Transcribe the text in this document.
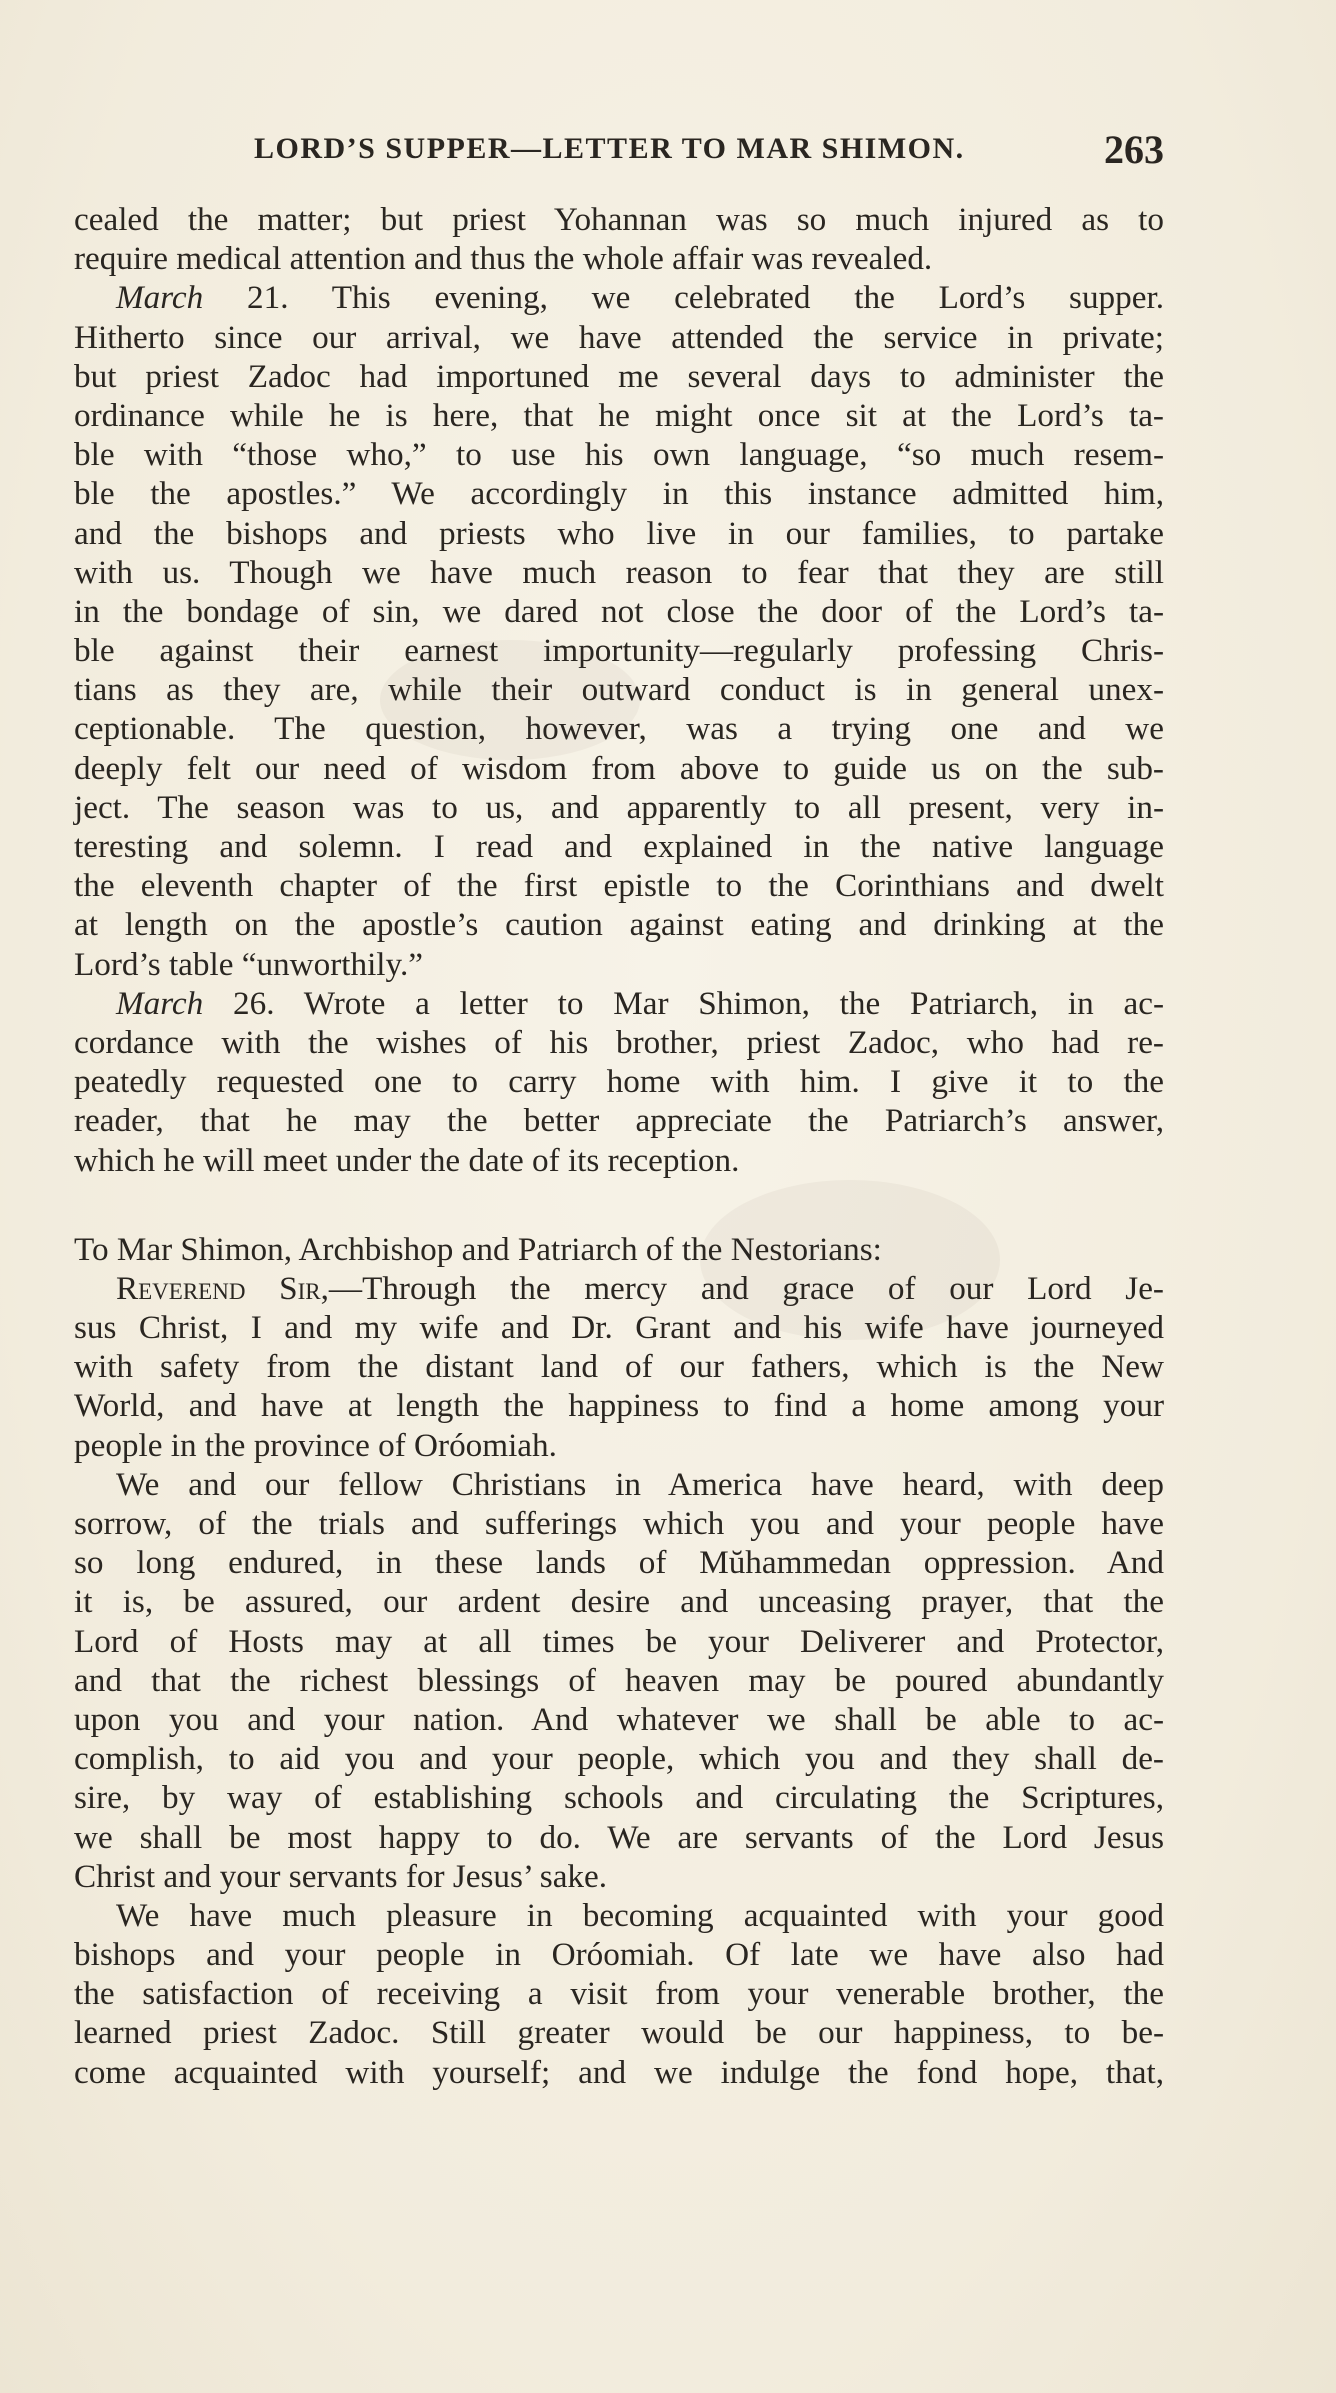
LORD’S SUPPER—LETTER TO MAR SHIMON.	263
cealed the matter; but priest Yohannan was so much injured as to
require medical attention and thus the whole affair was revealed.
March 21. This evening, we celebrated the Lord’s supper.
Hitherto since our arrival, we have attended the service in private;
but priest Zadoc had importuned me several days to administer the
ordinance while he is here, that he might once sit at the Lord’s ta-
ble with “those who,” to use his own language, “so much resem-
ble the apostles.” We accordingly in this instance admitted him,
and the bishops and priests who live in our families, to partake
with us. Though we have much reason to fear that they are still
in the bondage of sin, we dared not close the door of the Lord’s ta-
ble against their earnest importunity—regularly professing Chris-
tians as they are, while their outward conduct is in general unex-
ceptionable. The question, however, was a trying one and we
deeply felt our need of wisdom from above to guide us on the sub-
ject. The season was to us, and apparently to all present, very in-
teresting and solemn. I read and explained in the native language
the eleventh chapter of the first epistle to the Corinthians and dwelt
at length on the apostle’s caution against eating and drinking at the
Lord’s table “unworthily.”
March 26. Wrote a letter to Mar Shimon, the Patriarch, in ac-
cordance with the wishes of his brother, priest Zadoc, who had re-
peatedly requested one to carry home with him. I give it to the
reader, that he may the better appreciate the Patriarch’s answer,
which he will meet under the date of its reception.
To Mar Shimon, Archbishop and Patriarch of the Nestorians:
Reverend Sir,—Through the mercy and grace of our Lord Je-
sus Christ, I and my wife and Dr. Grant and his wife have journeyed
with safety from the distant land of our fathers, which is the New
World, and have at length the happiness to find a home among your
people in the province of Oróomiah.
We and our fellow Christians in America have heard, with deep
sorrow, of the trials and sufferings which you and your people have
so long endured, in these lands of Mŭhammedan oppression. And
it is, be assured, our ardent desire and unceasing prayer, that the
Lord of Hosts may at all times be your Deliverer and Protector,
and that the richest blessings of heaven may be poured abundantly
upon you and your nation. And whatever we shall be able to ac-
complish, to aid you and your people, which you and they shall de-
sire, by way of establishing schools and circulating the Scriptures,
we shall be most happy to do. We are servants of the Lord Jesus
Christ and your servants for Jesus’ sake.
We have much pleasure in becoming acquainted with your good
bishops and your people in Oróomiah. Of late we have also had
the satisfaction of receiving a visit from your venerable brother, the
learned priest Zadoc. Still greater would be our happiness, to be-
come acquainted with yourself; and we indulge the fond hope, that,
